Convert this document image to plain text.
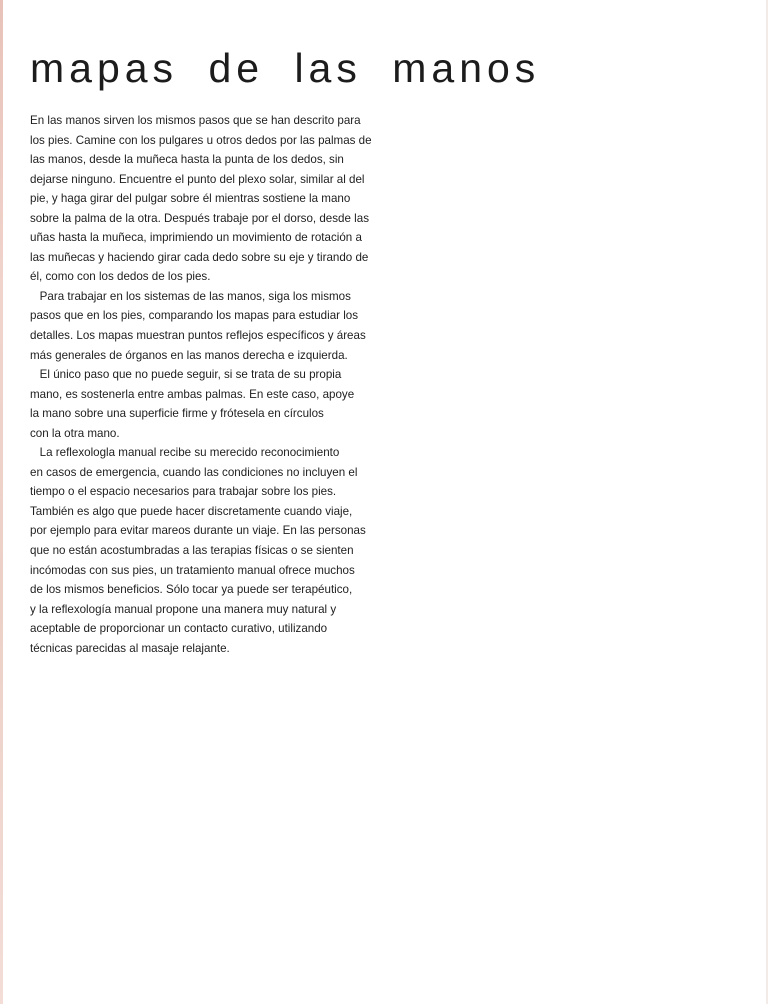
mapas de las manos
En las manos sirven los mismos pasos que se han descrito para
los pies. Camine con los pulgares u otros dedos por las palmas de
las manos, desde la muñeca hasta la punta de los dedos, sin
dejarse ninguno. Encuentre el punto del plexo solar, similar al del
pie, y haga girar del pulgar sobre él mientras sostiene la mano
sobre la palma de la otra. Después trabaje por el dorso, desde las
uñas hasta la muñeca, imprimiendo un movimiento de rotación a
las muñecas y haciendo girar cada dedo sobre su eje y tirando de
él, como con los dedos de los pies.
Para trabajar en los sistemas de las manos, siga los mismos
pasos que en los pies, comparando los mapas para estudiar los
detalles. Los mapas muestran puntos reflejos específicos y áreas
más generales de órganos en las manos derecha e izquierda.
El único paso que no puede seguir, si se trata de su propia
mano, es sostenerla entre ambas palmas. En este caso, apoye
la mano sobre una superficie firme y frótesela en círculos
con la otra mano.
La reflexologla manual recibe su merecido reconocimiento
en casos de emergencia, cuando las condiciones no incluyen el
tiempo o el espacio necesarios para trabajar sobre los pies.
También es algo que puede hacer discretamente cuando viaje,
por ejemplo para evitar mareos durante un viaje. En las personas
que no están acostumbradas a las terapias físicas o se sienten
incómodas con sus pies, un tratamiento manual ofrece muchos
de los mismos beneficios. Sólo tocar ya puede ser terapéutico,
y la reflexología manual propone una manera muy natural y
aceptable de proporcionar un contacto curativo, utilizando
técnicas parecidas al masaje relajante.
